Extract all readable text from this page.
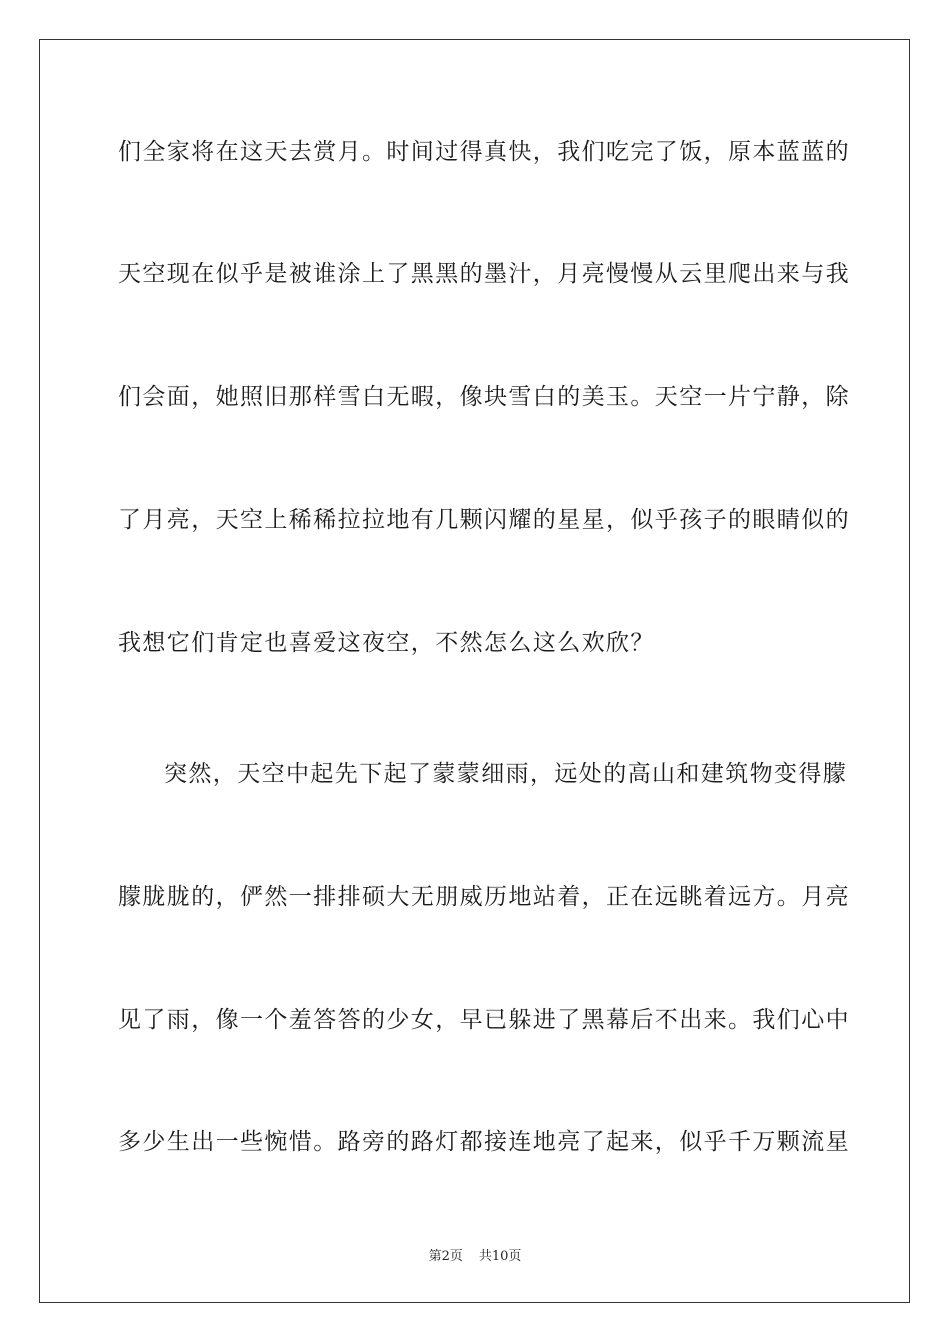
们全家将在这天去赏月。时间过得真快，我们吃完了饭，原本蓝蓝的
天空现在似乎是被谁涂上了黑黑的墨汁，月亮慢慢从云里爬出来与我
们会面，她照旧那样雪白无暇，像块雪白的美玉。天空一片宁静，除
了月亮，天空上稀稀拉拉地有几颗闪耀的星星，似乎孩子的眼睛似的
我想它们肯定也喜爱这夜空，不然怎么这么欢欣？
突然，天空中起先下起了蒙蒙细雨，远处的高山和建筑物变得朦
朦胧胧的，俨然一排排硕大无朋威历地站着，正在远眺着远方。月亮
见了雨，像一个羞答答的少女，早已躲进了黑幕后不出来。我们心中
多少生出一些惋惜。路旁的路灯都接连地亮了起来，似乎千万颗流星
第2页 共10页
